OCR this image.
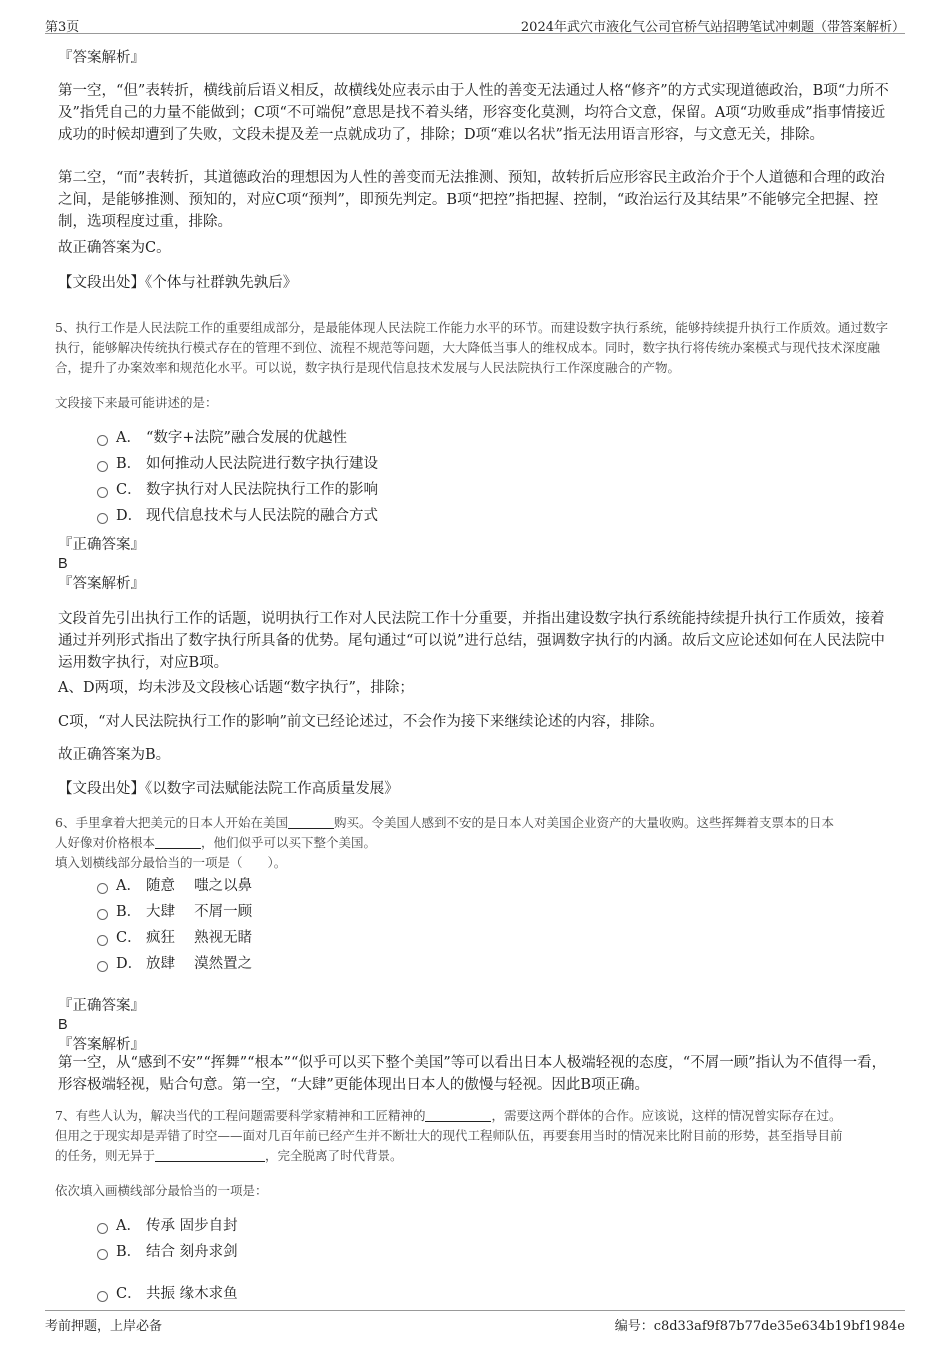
第3页	2024年武穴市液化气公司官桥气站招聘笔试冲刺题（带答案解析）
『答案解析』
第一空，“但”表转折，横线前后语义相反，故横线处应表示由于人性的善变无法通过人格“修齐”的方式实现道德政治，B项“力所不及”指凭自己的力量不能做到；C项“不可端倪”意思是找不着头绪，形容变化莫测，均符合文意，保留。A项“功败垂成”指事情接近成功的时候却遭到了失败，文段未提及差一点就成功了，排除；D项“难以名状”指无法用语言形容，与文意无关，排除。
第二空，“而”表转折，其道德政治的理想因为人性的善变而无法推测、预知，故转折后应形容民主政治介于个人道德和合理的政治之间，是能够推测、预知的，对应C项“预判”，即预先判定。B项“把控”指把握、控制，“政治运行及其结果”不能够完全把握、控制，选项程度过重，排除。
故正确答案为C。
【文段出处】《个体与社群孰先孰后》
5、执行工作是人民法院工作的重要组成部分，是最能体现人民法院工作能力水平的环节。而建设数字执行系统，能够持续提升执行工作质效。通过数字执行，能够解决传统执行模式存在的管理不到位、流程不规范等问题，大大降低当事人的维权成本。同时，数字执行将传统办案模式与现代技术深度融合，提升了办案效率和规范化水平。可以说，数字执行是现代信息技术发展与人民法院执行工作深度融合的产物。
文段接下来最可能讲述的是：
A． “数字+法院”融合发展的优越性
B． 如何推动人民法院进行数字执行建设
C． 数字执行对人民法院执行工作的影响
D． 现代信息技术与人民法院的融合方式
『正确答案』
B
『答案解析』
文段首先引出执行工作的话题，说明执行工作对人民法院工作十分重要，并指出建设数字执行系统能持续提升执行工作质效，接着通过并列形式指出了数字执行所具备的优势。尾句通过“可以说”进行总结，强调数字执行的内涵。故后文应论述如何在人民法院中运用数字执行，对应B项。
A、D两项，均未涉及文段核心话题“数字执行”，排除；
C项，“对人民法院执行工作的影响”前文已经论述过，不会作为接下来继续论述的内容，排除。
故正确答案为B。
【文段出处】《以数字司法赋能法院工作高质量发展》
6、手里拿着大把美元的日本人开始在美国	购买。令美国人感到不安的是日本人对美国企业资产的大量收购。这些挥舞着支票本的日本
人好像对价格根本	，他们似乎可以买下整个美国。
填入划横线部分最恰当的一项是（　　）。
A． 随意　 嗤之以鼻
B． 大肆　 不屑一顾
C． 疯狂　 熟视无睹
D． 放肆　 漠然置之
『正确答案』
B
『答案解析』
第一空，从“感到不安”“挥舞”“根本”“似乎可以买下整个美国”等可以看出日本人极端轻视的态度，“不屑一顾”指认为不值得一看，形容极端轻视，贴合句意。第一空，“大肆”更能体现出日本人的傲慢与轻视。因此B项正确。
7、有些人认为，解决当代的工程问题需要科学家精神和工匠精神的	，需要这两个群体的合作。应该说，这样的情况曾实际存在过。
但用之于现实却是弄错了时空——面对几百年前已经产生并不断壮大的现代工程师队伍，再要套用当时的情况来比附目前的形势，甚至指导目前
的任务，则无异于	，完全脱离了时代背景。
依次填入画横线部分最恰当的一项是：
A． 传承 固步自封
B． 结合 刻舟求剑
C． 共振 缘木求鱼
考前押题，上岸必备	编号：c8d33af9f87b77de35e634b19bf1984e
